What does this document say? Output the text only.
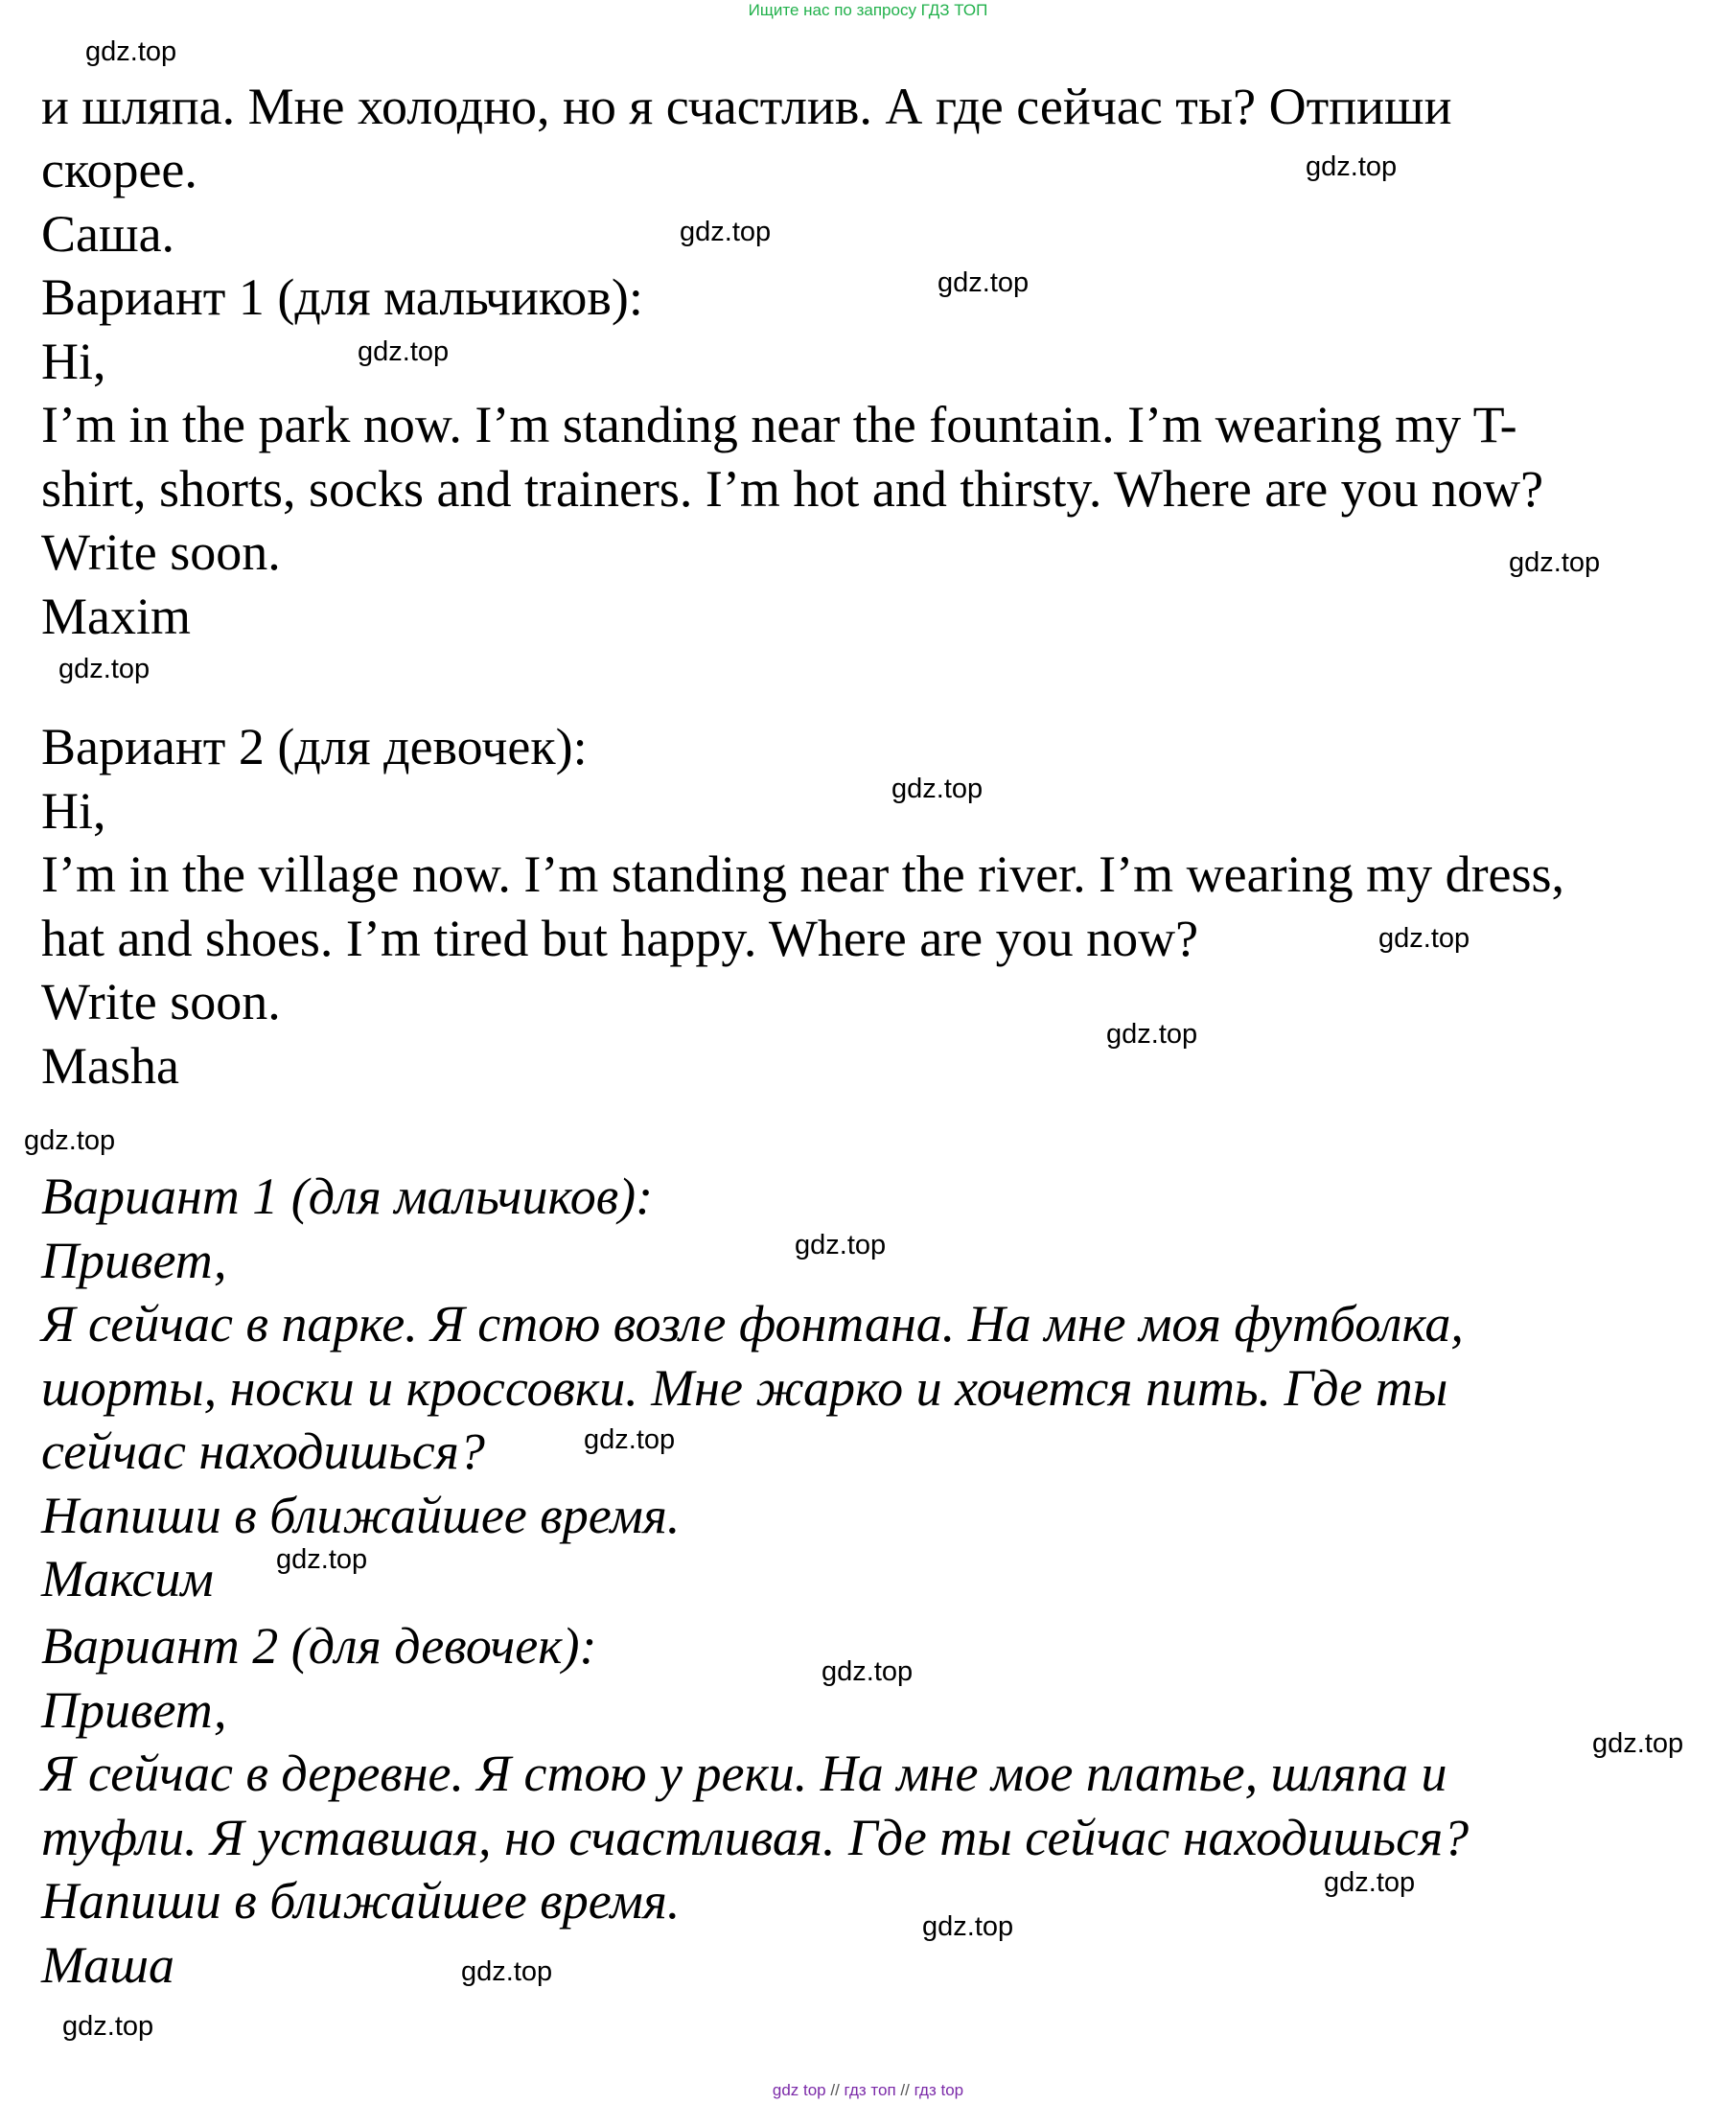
Ищите нас по запросу ГДЗ ТОП
и шляпа. Мне холодно, но я счастлив. А где сейчас ты? Отпиши
скорее.
Саша.
Вариант 1 (для мальчиков):
Hi,
I’m in the park now. I’m standing near the fountain. I’m wearing my T-
shirt, shorts, socks and trainers. I’m hot and thirsty. Where are you now?
Write soon.
Maxim
Вариант 2 (для девочек):
Hi,
I’m in the village now. I’m standing near the river. I’m wearing my dress,
hat and shoes. I’m tired but happy. Where are you now?
Write soon.
Masha
Вариант 1 (для мальчиков):
Привет,
Я сейчас в парке. Я стою возле фонтана. На мне моя футболка,
шорты, носки и кроссовки. Мне жарко и хочется пить. Где ты
сейчас находишься?
Напиши в ближайшее время.
Максим
Вариант 2 (для девочек):
Привет,
Я сейчас в деревне. Я стою у реки. На мне мое платье, шляпа и
туфли. Я уставшая, но счастливая. Где ты сейчас находишься?
Напиши в ближайшее время.
Маша
gdz.top
gdz.top
gdz.top
gdz.top
gdz.top
gdz.top
gdz.top
gdz.top
gdz.top
gdz.top
gdz.top
gdz.top
gdz.top
gdz.top
gdz.top
gdz.top
gdz.top
gdz.top
gdz.top
gdz.top
gdz top // гдз топ // гдз top
